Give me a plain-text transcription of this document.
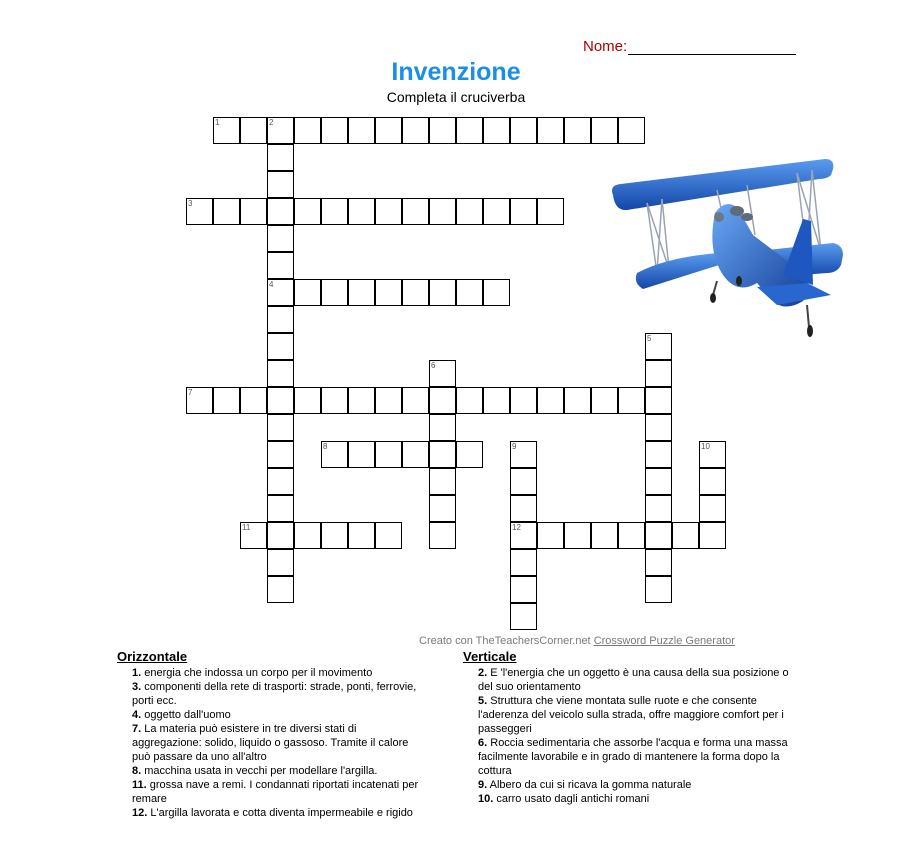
Nome:
Invenzione
Completa il cruciverba
1	2
4
3
5
6
7
8	9
12
10
11
Creato con TheTeachersCorner.net Crossword Puzzle Generator
Orizzontale
1. energia che indossa un corpo per il movimento
3. componenti della rete di trasporti: strade, ponti, ferrovie, porti ecc.
4. oggetto dall'uomo
7. La materia può esistere in tre diversi stati di aggregazione: solido, liquido o gassoso. Tramite il calore può passare da uno all'altro
8. macchina usata in vecchi per modellare l'argilla.
11. grossa nave a remi. I condannati riportati incatenati per remare
12. L'argilla lavorata e cotta diventa impermeabile e rigido
Verticale
2. E 'l'energia che un oggetto è una causa della sua posizione o del suo orientamento
5. Struttura che viene montata sulle ruote e che consente l'aderenza del veicolo sulla strada, offre maggiore comfort per i passeggeri
6. Roccia sedimentaria che assorbe l'acqua e forma una massa facilmente lavorabile e in grado di mantenere la forma dopo la cottura
9. Albero da cui si ricava la gomma naturale
10. carro usato dagli antichi romani
